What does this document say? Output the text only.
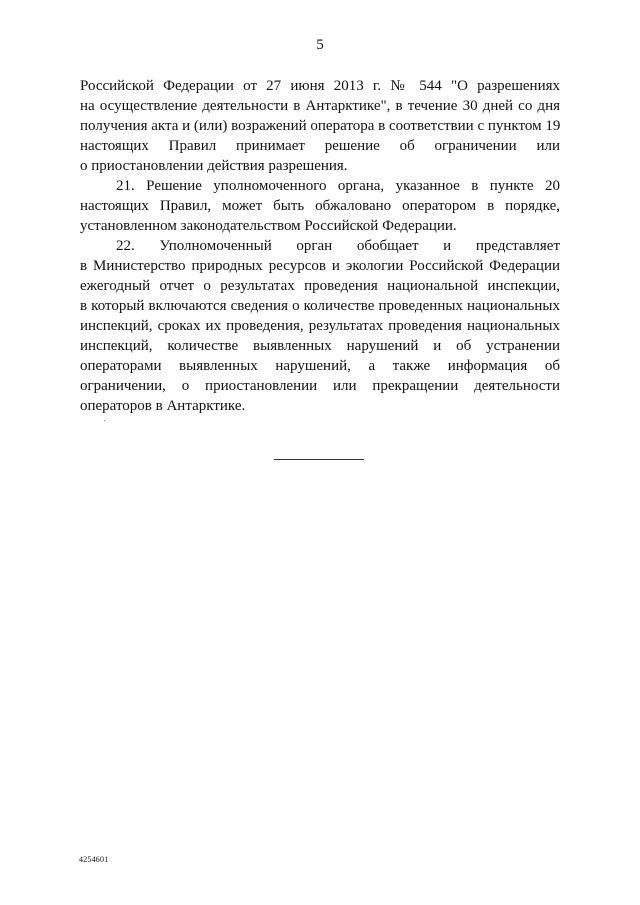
5
Российской Федерации от 27 июня 2013 г. № 544 "О разрешениях
на осуществление деятельности в Антарктике", в течение 30 дней со дня
получения акта и (или) возражений оператора в соответствии с пунктом 19
настоящих Правил принимает решение об ограничении или
о приостановлении действия разрешения.
21. Решение уполномоченного органа, указанное в пункте 20
настоящих Правил, может быть обжаловано оператором в порядке,
установленном законодательством Российской Федерации.
22. Уполномоченный орган обобщает и представляет
в Министерство природных ресурсов и экологии Российской Федерации
ежегодный отчет о результатах проведения национальной инспекции,
в который включаются сведения о количестве проведенных национальных
инспекций, сроках их проведения, результатах проведения национальных
инспекций, количестве выявленных нарушений и об устранении
операторами выявленных нарушений, а также информация об
ограничении, о приостановлении или прекращении деятельности
операторов в Антарктике.
4254601
